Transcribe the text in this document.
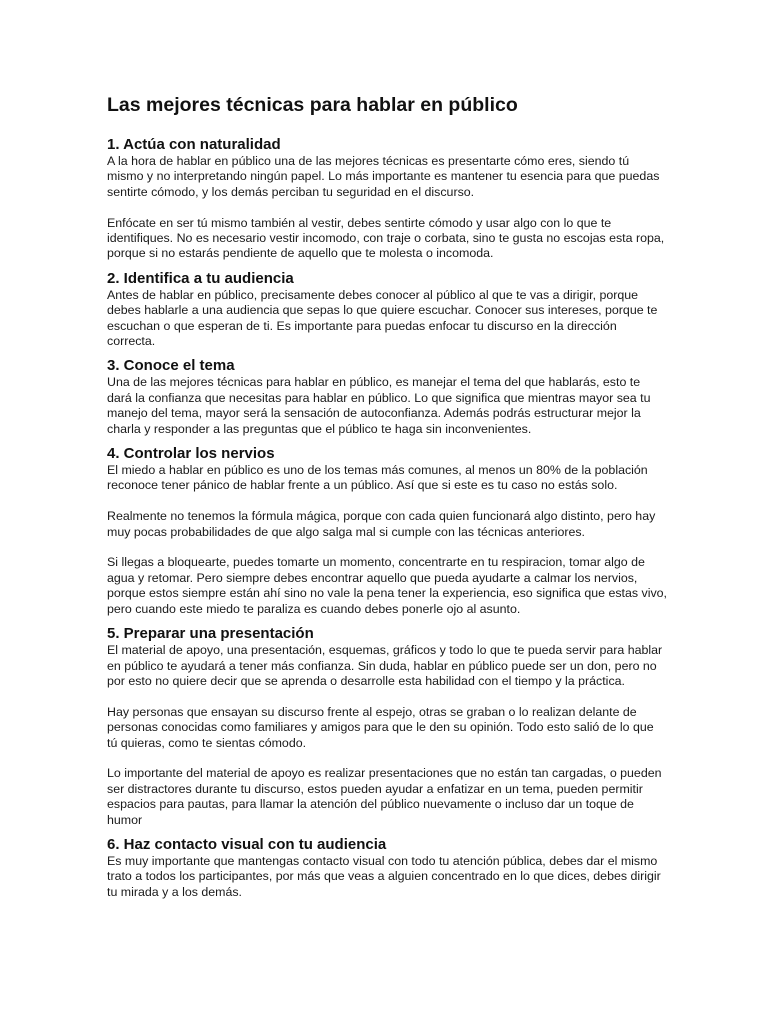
Las mejores técnicas para hablar en público
1. Actúa con naturalidad

A la hora de hablar en público una de las mejores técnicas es presentarte cómo eres, siendo tú mismo y no interpretando ningún papel. Lo más importante es mantener tu esencia para que puedas sentirte cómodo, y los demás perciban tu seguridad en el discurso.

Enfócate en ser tú mismo también al vestir, debes sentirte cómodo y usar algo con lo que te identifiques. No es necesario vestir incomodo, con traje o corbata, sino te gusta no escojas esta ropa, porque si no estarás pendiente de aquello que te molesta o incomoda.

2. Identifica a tu audiencia

Antes de hablar en público, precisamente debes conocer al público al que te vas a dirigir, porque debes hablarle a una audiencia que sepas lo que quiere escuchar. Conocer sus intereses, porque te escuchan o que esperan de ti. Es importante para puedas enfocar tu discurso en la dirección correcta.

3. Conoce el tema

Una de las mejores técnicas para hablar en público, es manejar el tema del que hablarás, esto te dará la confianza que necesitas para hablar en público. Lo que significa que mientras mayor sea tu manejo del tema, mayor será la sensación de autoconfianza. Además podrás estructurar mejor la charla y responder a las preguntas que el público te haga sin inconvenientes.

4. Controlar los nervios

El miedo a hablar en público es uno de los temas más comunes, al menos un 80% de la población reconoce tener pánico de hablar frente a un público. Así que si este es tu caso no estás solo.

Realmente no tenemos la fórmula mágica, porque con cada quien funcionará algo distinto, pero hay muy pocas probabilidades de que algo salga mal si cumple con las técnicas anteriores.

Si llegas a bloquearte, puedes tomarte un momento, concentrarte en tu respiracion, tomar algo de agua y retomar. Pero siempre debes encontrar aquello que pueda ayudarte a calmar los nervios, porque estos siempre están ahí sino no vale la pena tener la experiencia, eso significa que estas vivo, pero cuando este miedo te paraliza es cuando debes ponerle ojo al asunto.

5. Preparar una presentación

El material de apoyo, una presentación, esquemas, gráficos y todo lo que te pueda servir para hablar en público te ayudará a tener más confianza. Sin duda, hablar en público puede ser un don, pero no por esto no quiere decir que se aprenda o desarrolle esta habilidad con el tiempo y la práctica.

Hay personas que ensayan su discurso frente al espejo, otras se graban o lo realizan delante de personas conocidas como familiares y amigos para que le den su opinión. Todo esto salió de lo que tú quieras, como te sientas cómodo.

Lo importante del material de apoyo es realizar presentaciones que no están tan cargadas, o pueden ser distractores durante tu discurso, estos pueden ayudar a enfatizar en un tema, pueden permitir espacios para pautas, para llamar la atención del público nuevamente o incluso dar un toque de humor

6. Haz contacto visual con tu audiencia

Es muy importante que mantengas contacto visual con todo tu atención pública, debes dar el mismo trato a todos los participantes, por más que veas a alguien concentrado en lo que dices, debes dirigir tu mirada y a los demás.
